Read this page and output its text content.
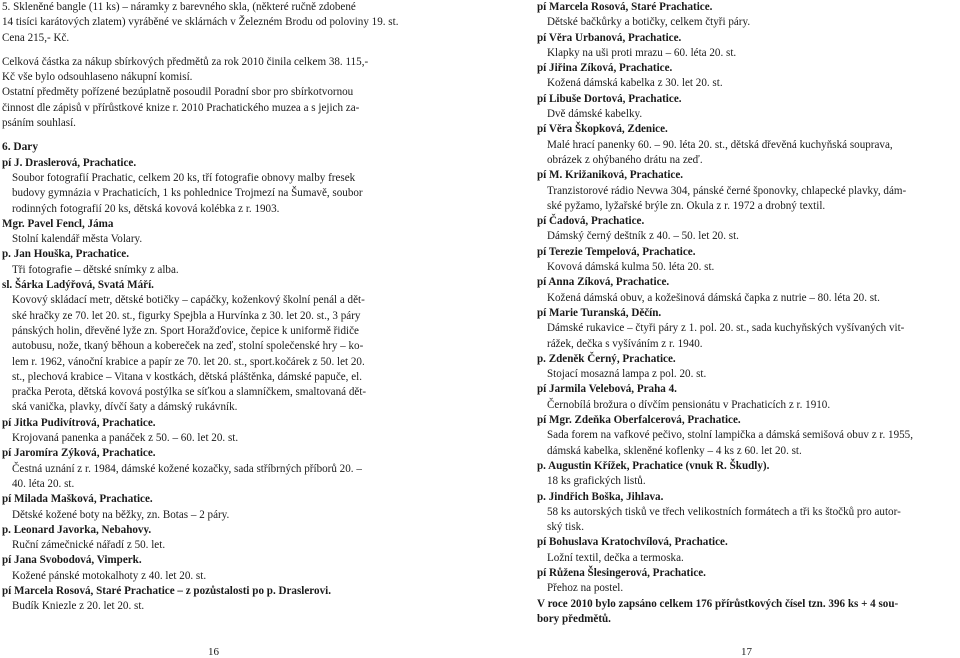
5. Skleněné bangle (11 ks) – náramky z barevného skla, (některé ručně zdobené

14 tisíci karátových zlatem) vyráběné ve sklárnách v Železném Brodu od poloviny 19. st.

Cena 215,- Kč.

Celková částka za nákup sbírkových předmětů za rok 2010 činila celkem 38. 115,-

Kč vše bylo odsouhlaseno nákupní komisí.

Ostatní předměty pořízené bezúplatně posoudil Poradní sbor pro sbírkotvornou

činnost dle zápisů v přírůstkové knize r. 2010 Prachatického muzea a s jejich za-

psáním souhlasí.

6. Dary

pí J. Draslerová, Prachatice.

Soubor fotografií Prachatic, celkem 20 ks, tří fotografie obnovy malby fresek

budovy gymnázia v Prachaticích, 1 ks pohlednice Trojmezí na Šumavě, soubor

rodinných fotografií 20 ks, dětská kovová kolébka z r. 1903.

Mgr. Pavel Fencl, Jáma

Stolní kalendář města Volary.

p. Jan Houška, Prachatice.

Tři fotografie – dětské snímky z alba.

sl. Šárka Ladýřová, Svatá Máří.

Kovový skládací metr, dětské botičky – capáčky, koženkový školní penál a dět-

ské hračky ze 70. let 20. st., figurky Spejbla a Hurvínka z 30. let 20. st., 3 páry

pánských holin, dřevěné lyže zn. Sport Horažďovice, čepice k uniformě řidiče

autobusu, nože, tkaný běhoun a kobereček na zeď, stolní společenské hry – ko-

lem r. 1962, vánoční krabice a papír ze 70. let 20. st., sport.kočárek z 50. let 20.

st., plechová krabice – Vitana v kostkách, dětská pláštěnka, dámské papuče, el.

pračka Perota, dětská kovová postýlka se síťkou a slamníčkem, smaltovaná dět-

ská vanička, plavky, dívčí šaty a dámský rukávník.

pí Jitka Pudivítrová, Prachatice.

Krojovaná panenka a panáček z 50. – 60. let 20. st.

pí Jaromíra Zýková, Prachatice.

Čestná uznání z r. 1984, dámské kožené kozačky, sada stříbrných příborů 20. –

40. léta 20. st.

pí Milada Mašková, Prachatice.

Dětské kožené boty na běžky, zn. Botas – 2 páry.

p. Leonard Javorka, Nebahovy.

Ruční zámečnické nářadí z 50. let.

pí Jana Svobodová, Vimperk.

Kožené pánské motokalhoty z 40. let 20. st.

pí Marcela Rosová, Staré Prachatice – z pozůstalosti po p. Draslerovi.

Budík Kniezle z 20. let 20. st.

pí Marcela Rosová, Staré Prachatice.

Dětské bačkůrky a botičky, celkem čtyři páry.

pí Věra Urbanová, Prachatice.

Klapky na uši proti mrazu – 60. léta 20. st.

pí Jiřina Zíková, Prachatice.

Kožená dámská kabelka z 30. let 20. st.

pí Libuše Dortová, Prachatice.

Dvě dámské kabelky.

pí Věra Škopková, Zdenice.

Malé hrací panenky 60. – 90. léta 20. st., dětská dřevěná kuchyňská souprava,

obrázek z ohýbaného drátu na zeď.

pí M. Križaniková, Prachatice.

Tranzistorové rádio Nevwa 304, pánské černé šponovky, chlapecké plavky, dám-

ské pyžamo, lyžařské brýle zn. Okula z r. 1972 a drobný textil.

pí Čadová, Prachatice.

Dámský černý deštník z 40. – 50. let 20. st.

pí Terezie Tempelová, Prachatice.

Kovová dámská kulma 50. léta 20. st.

pí Anna Zíková, Prachatice.

Kožená dámská obuv, a kožešinová dámská čapka z nutrie – 80. léta 20. st.

pí Marie Turanská, Děčín.

Dámské rukavice – čtyři páry z 1. pol. 20. st., sada kuchyňských vyšívaných vit-

rážek, dečka s vyšíváním z r. 1940.

p. Zdeněk Černý, Prachatice.

Stojací mosazná lampa z pol. 20. st.

pí Jarmila Velebová, Praha 4.

Černobílá brožura o dívčím pensionátu v Prachaticích z r. 1910.

pí Mgr. Zdeňka Oberfalcerová, Prachatice.

Sada forem na vafkové pečivo, stolní lampička a dámská semišová obuv z r. 1955,

dámská kabelka, skleněné koflenky – 4 ks z 60. let 20. st.

p. Augustin Křížek, Prachatice (vnuk R. Škudly).

18 ks grafických listů.

p. Jindřich Boška, Jihlava.

58 ks autorských tisků ve třech velikostních formátech a tři ks štočků pro autor-

ský tisk.

pí Bohuslava Kratochvílová, Prachatice.

Ložní textil, dečka a termoska.

pí Růžena Šlesingerová, Prachatice.

Přehoz na postel.

V roce 2010 bylo zapsáno celkem 176 přírůstkových čísel tzn. 396 ks + 4 sou-

bory předmětů.

16	17
